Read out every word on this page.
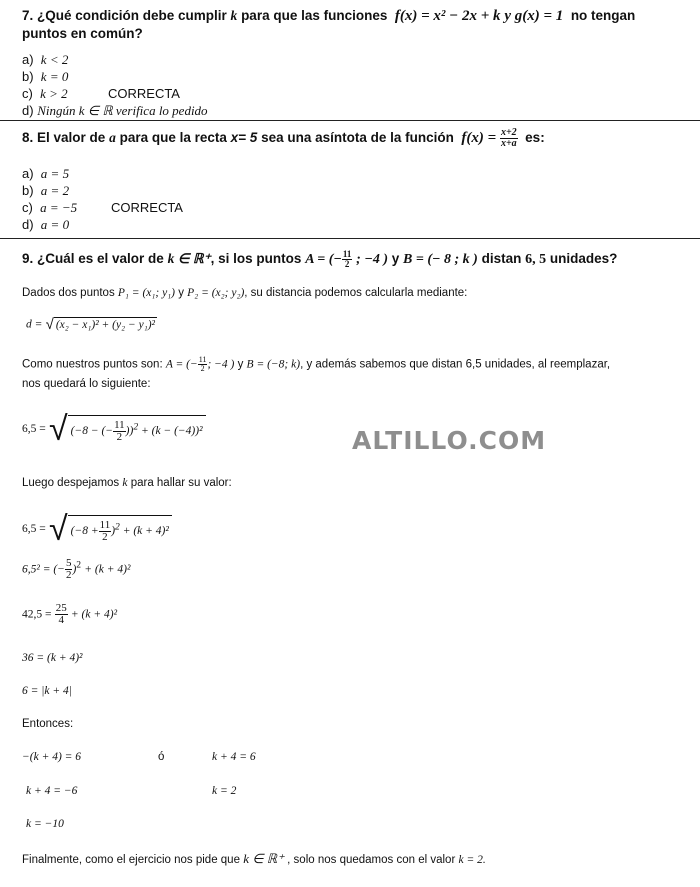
7. ¿Qué condición debe cumplir k para que las funciones f(x) = x² − 2x + k y g(x) = 1 no tengan
puntos en común?
a) k < 2
b) k = 0
c) k > 2	CORRECTA
d) Ningún k ∈ ℝ verifica lo pedido
8. El valor de a para que la recta x= 5 sea una asíntota de la función $f(x) = \frac{x+2}{x+a}$ es:
a) a = 5
b) a = 2
c) a = −5	CORRECTA
d) a = 0
9. ¿Cuál es el valor de k ∈ ℝ⁺, si los puntos A = (− $\frac{11}{2}$ ; −4 ) y B = (− 8 ; k ) distan 6, 5 unidades?
Dados dos puntos P₁ = (x₁; y₁) y P₂ = (x₂; y₂), su distancia podemos calcularla mediante:
d = √ (x₂ − x₁)² + (y₂ − y₁)²
Como nuestros puntos son: A = (− $\frac{11}{2}$ ; −4 ) y B = (−8; k), y además sabemos que distan 6,5 unidades, al reemplazar,
nos quedará lo siguiente:
6,5 = √ (−8 − (− $\frac{11}{2} ))^2 + (k - (-4))^2$	ALTILLO.COM
Luego despejamos k para hallar su valor:
6,5 = √ $(-8 + \frac{11}{2} )^2 + (k + 4)^2$
6,5² = (− $\frac{5}{2} )^2 + (k + 4)^2$
$42,5 = \frac{25}{4} + (k + 4)^2$
36 = (k + 4)²
6 = |k + 4|
Entonces:
−(k + 4) = 6	ó	k + 4 = 6
k + 4 = −6	k = 2
k = −10
Finalmente, como el ejercicio nos pide que k ∈ ℝ⁺ , solo nos quedamos con el valor k = 2.
